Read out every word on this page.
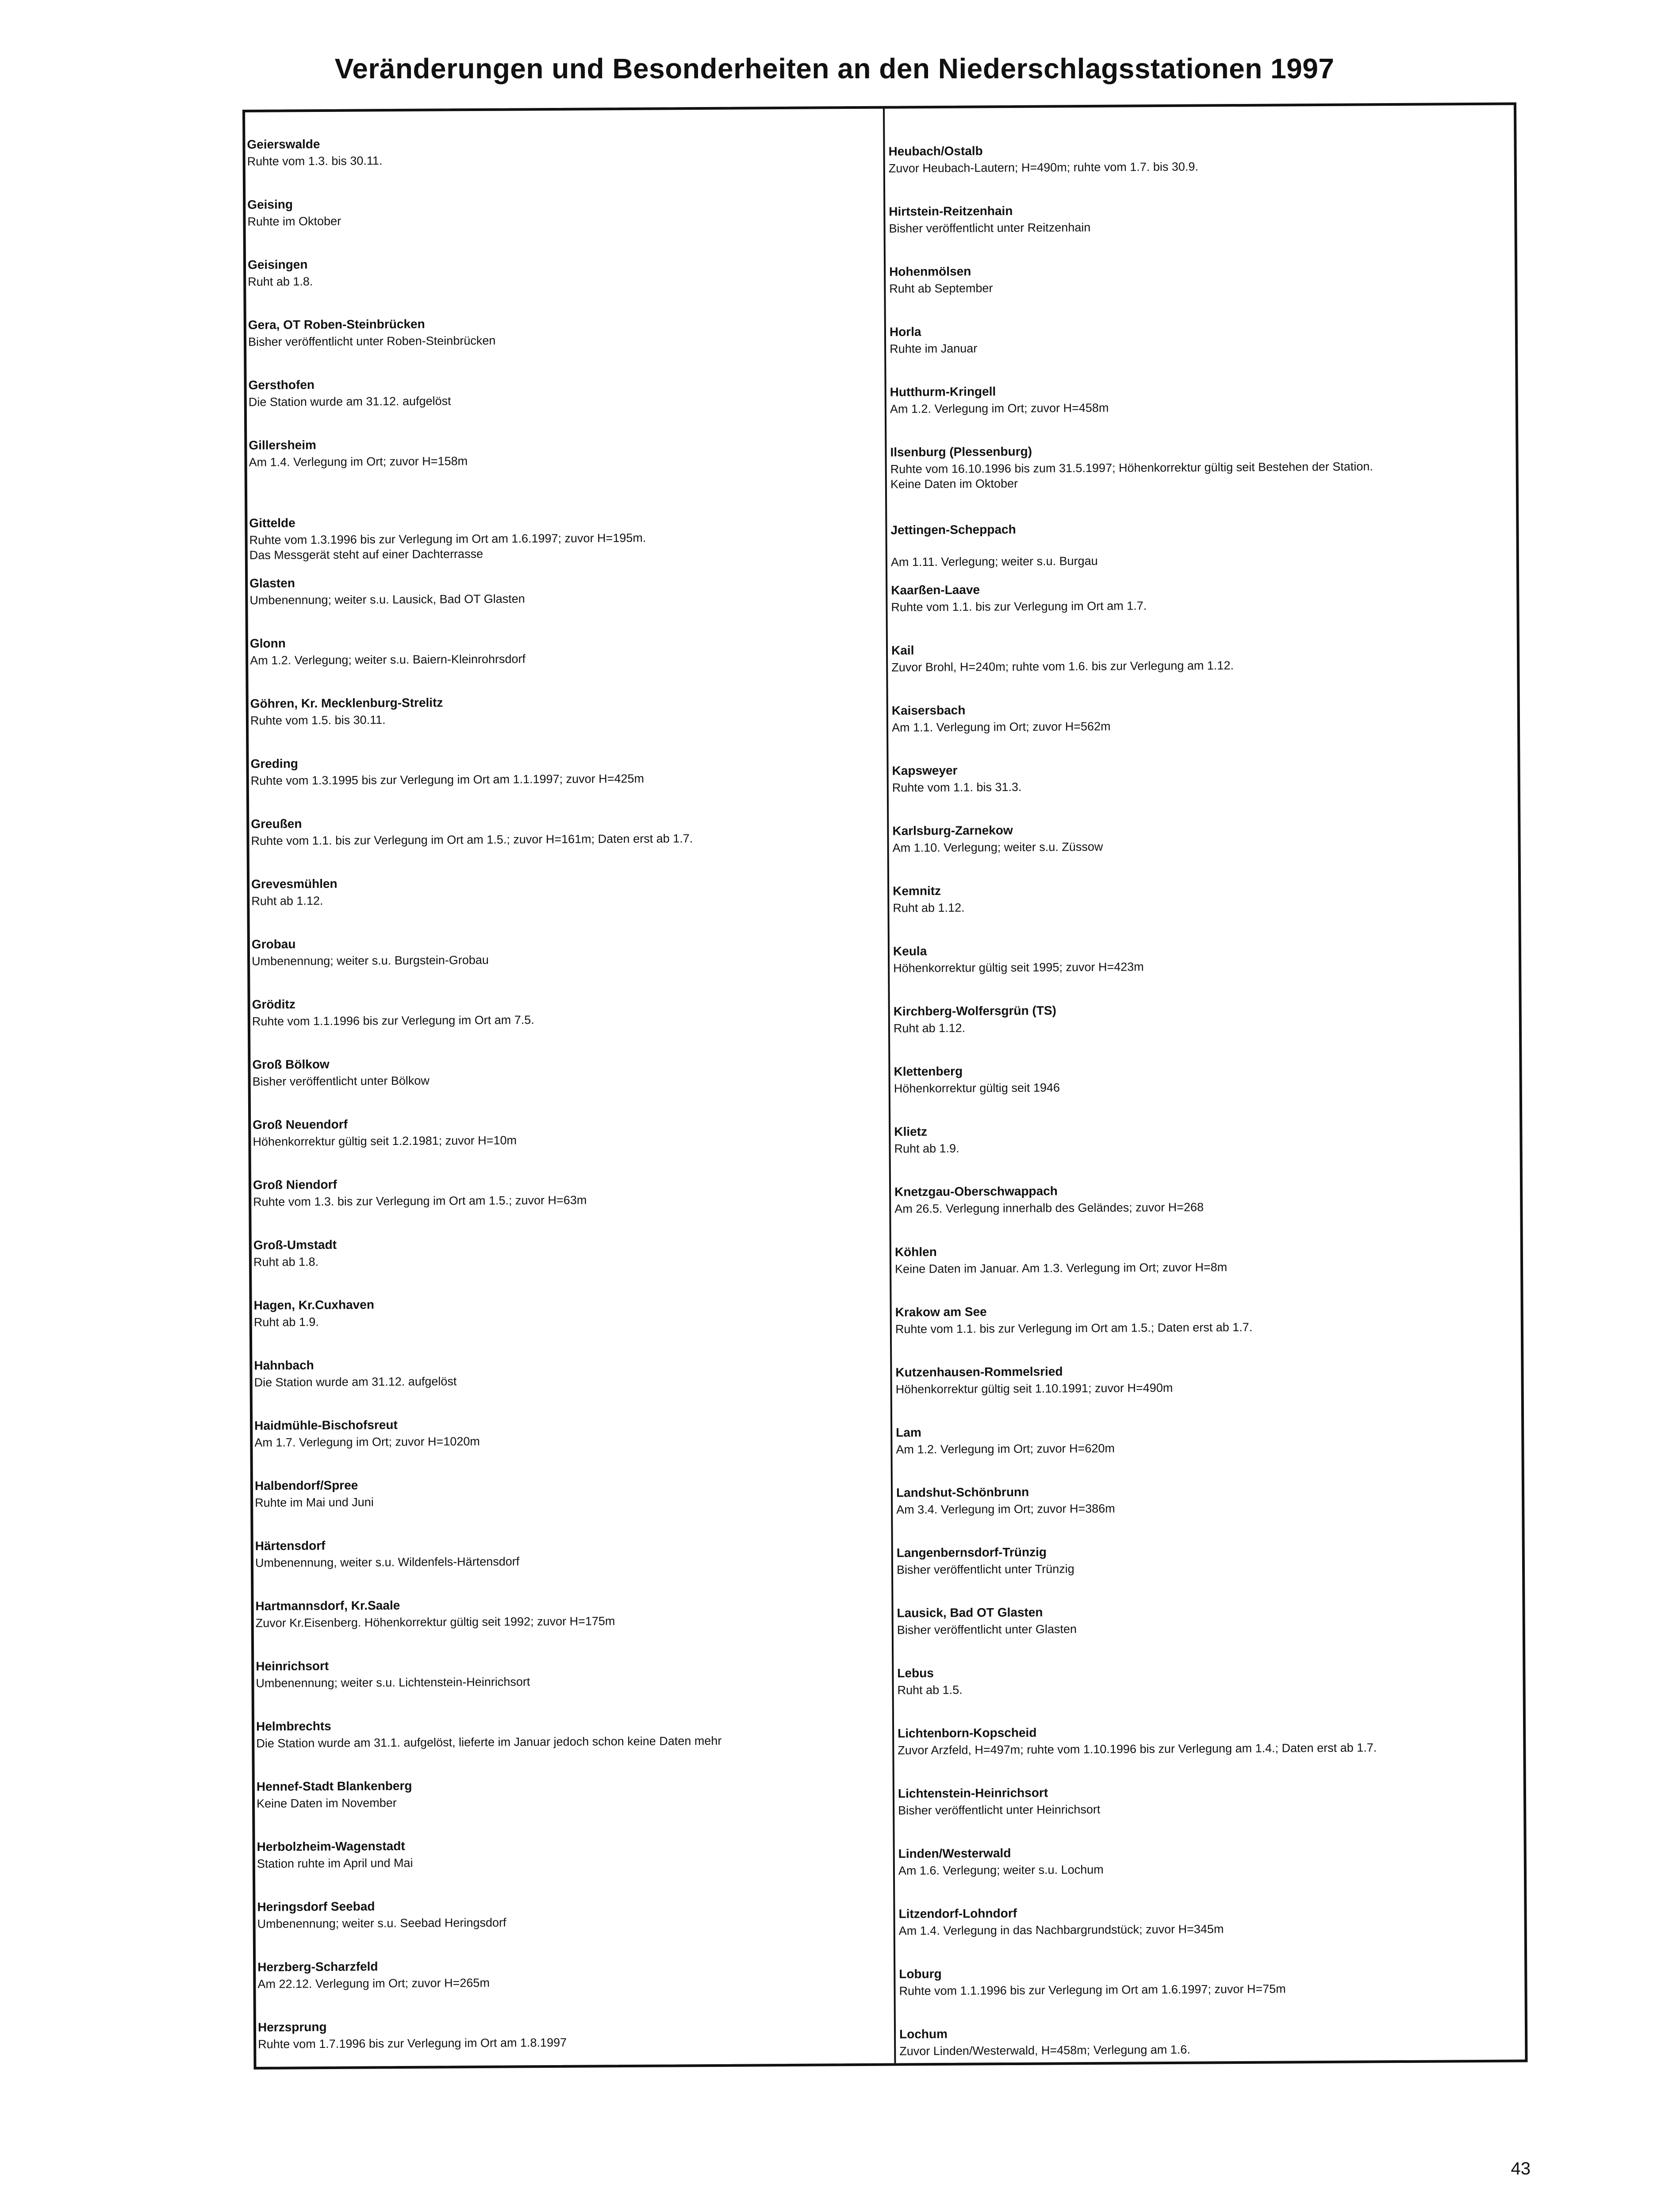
Veränderungen und Besonderheiten an den Niederschlagsstationen 1997
Geierswalde
Ruhte vom 1.3. bis 30.11.
Geising
Ruhte im Oktober
Geisingen
Ruht ab 1.8.
Gera, OT Roben-Steinbrücken
Bisher veröffentlicht unter Roben-Steinbrücken
Gersthofen
Die Station wurde am 31.12. aufgelöst
Gillersheim
Am 1.4. Verlegung im Ort; zuvor H=158m
Gittelde
Ruhte vom 1.3.1996 bis zur Verlegung im Ort am 1.6.1997; zuvor H=195m.
Das Messgerät steht auf einer Dachterrasse
Glasten
Umbenennung; weiter s.u. Lausick, Bad OT Glasten
Glonn
Am 1.2. Verlegung; weiter s.u. Baiern-Kleinrohrsdorf
Göhren, Kr. Mecklenburg-Strelitz
Ruhte vom 1.5. bis 30.11.
Greding
Ruhte vom 1.3.1995 bis zur Verlegung im Ort am 1.1.1997; zuvor H=425m
Greußen
Ruhte vom 1.1. bis zur Verlegung im Ort am 1.5.; zuvor H=161m; Daten erst ab 1.7.
Grevesmühlen
Ruht ab 1.12.
Grobau
Umbenennung; weiter s.u. Burgstein-Grobau
Gröditz
Ruhte vom 1.1.1996 bis zur Verlegung im Ort am 7.5.
Groß Bölkow
Bisher veröffentlicht unter Bölkow
Groß Neuendorf
Höhenkorrektur gültig seit 1.2.1981; zuvor H=10m
Groß Niendorf
Ruhte vom 1.3. bis zur Verlegung im Ort am 1.5.; zuvor H=63m
Groß-Umstadt
Ruht ab 1.8.
Hagen, Kr.Cuxhaven
Ruht ab 1.9.
Hahnbach
Die Station wurde am 31.12. aufgelöst
Haidmühle-Bischofsreut
Am 1.7. Verlegung im Ort; zuvor H=1020m
Halbendorf/Spree
Ruhte im Mai und Juni
Härtensdorf
Umbenennung, weiter s.u. Wildenfels-Härtensdorf
Hartmannsdorf, Kr.Saale
Zuvor Kr.Eisenberg. Höhenkorrektur gültig seit 1992; zuvor H=175m
Heinrichsort
Umbenennung; weiter s.u. Lichtenstein-Heinrichsort
Helmbrechts
Die Station wurde am 31.1. aufgelöst, lieferte im Januar jedoch schon keine Daten mehr
Hennef-Stadt Blankenberg
Keine Daten im November
Herbolzheim-Wagenstadt
Station ruhte im April und Mai
Heringsdorf Seebad
Umbenennung; weiter s.u. Seebad Heringsdorf
Herzberg-Scharzfeld
Am 22.12. Verlegung im Ort; zuvor H=265m
Herzsprung
Ruhte vom 1.7.1996 bis zur Verlegung im Ort am 1.8.1997
Heubach/Ostalb
Zuvor Heubach-Lautern; H=490m; ruhte vom 1.7. bis 30.9.
Hirtstein-Reitzenhain
Bisher veröffentlicht unter Reitzenhain
Hohenmölsen
Ruht ab September
Horla
Ruhte im Januar
Hutthurm-Kringell
Am 1.2. Verlegung im Ort; zuvor H=458m
Ilsenburg (Plessenburg)
Ruhte vom 16.10.1996 bis zum 31.5.1997; Höhenkorrektur gültig seit Bestehen der Station.
Keine Daten im Oktober
Jettingen-Scheppach

Am 1.11. Verlegung; weiter s.u. Burgau
Kaarßen-Laave
Ruhte vom 1.1. bis zur Verlegung im Ort am 1.7.
Kail
Zuvor Brohl, H=240m; ruhte vom 1.6. bis zur Verlegung am 1.12.
Kaisersbach
Am 1.1. Verlegung im Ort; zuvor H=562m
Kapsweyer
Ruhte vom 1.1. bis 31.3.
Karlsburg-Zarnekow
Am 1.10. Verlegung; weiter s.u. Züssow
Kemnitz
Ruht ab 1.12.
Keula
Höhenkorrektur gültig seit 1995; zuvor H=423m
Kirchberg-Wolfersgrün (TS)
Ruht ab 1.12.
Klettenberg
Höhenkorrektur gültig seit 1946
Klietz
Ruht ab 1.9.
Knetzgau-Oberschwappach
Am 26.5. Verlegung innerhalb des Geländes; zuvor H=268
Köhlen
Keine Daten im Januar. Am 1.3. Verlegung im Ort; zuvor H=8m
Krakow am See
Ruhte vom 1.1. bis zur Verlegung im Ort am 1.5.; Daten erst ab 1.7.
Kutzenhausen-Rommelsried
Höhenkorrektur gültig seit 1.10.1991; zuvor H=490m
Lam
Am 1.2. Verlegung im Ort; zuvor H=620m
Landshut-Schönbrunn
Am 3.4. Verlegung im Ort; zuvor H=386m
Langenbernsdorf-Trünzig
Bisher veröffentlicht unter Trünzig
Lausick, Bad OT Glasten
Bisher veröffentlicht unter Glasten
Lebus
Ruht ab 1.5.
Lichtenborn-Kopscheid
Zuvor Arzfeld, H=497m; ruhte vom 1.10.1996 bis zur Verlegung am 1.4.; Daten erst ab 1.7.
Lichtenstein-Heinrichsort
Bisher veröffentlicht unter Heinrichsort
Linden/Westerwald
Am 1.6. Verlegung; weiter s.u. Lochum
Litzendorf-Lohndorf
Am 1.4. Verlegung in das Nachbargrundstück; zuvor H=345m
Loburg
Ruhte vom 1.1.1996 bis zur Verlegung im Ort am 1.6.1997; zuvor H=75m
Lochum
Zuvor Linden/Westerwald, H=458m; Verlegung am 1.6.
43
